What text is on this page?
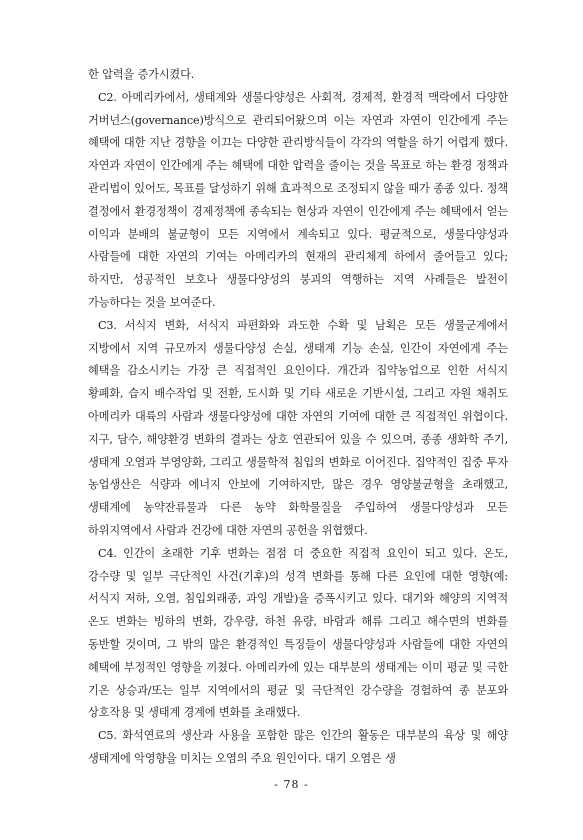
한 압력을 증가시켰다.

C2. 아메리카에서, 생태계와 생물다양성은 사회적, 경제적, 환경적 맥락에서 다양한 거버넌스(governance)방식으로 관리되어왔으며 이는 자연과 자연이 인간에게 주는 혜택에 대한 지난 경향을 이끄는 다양한 관리방식들이 각각의 역할을 하기 어렵게 했다. 자연과 자연이 인간에게 주는 혜택에 대한 압력을 줄이는 것을 목표로 하는 환경 정책과 관리법이 있어도, 목표를 달성하기 위해 효과적으로 조정되지 않을 때가 종종 있다. 정책 결정에서 환경정책이 경제정책에 종속되는 현상과 자연이 인간에게 주는 혜택에서 얻는 이익과 분배의 불균형이 모든 지역에서 계속되고 있다. 평균적으로, 생물다양성과 사람들에 대한 자연의 기여는 아메리카의 현재의 관리체계 하에서 줄어들고 있다; 하지만, 성공적인 보호나 생물다양성의 붕괴의 역행하는 지역 사례들은 발전이 가능하다는 것을 보여준다.

C3. 서식지 변화, 서식지 파편화와 과도한 수확 및 남획은 모든 생물군계에서 지방에서 지역 규모까지 생물다양성 손실, 생태계 기능 손실, 인간이 자연에게 주는 혜택을 감소시키는 가장 큰 직접적인 요인이다. 개간과 집약농업으로 인한 서식지 황폐화, 습지 배수작업 및 전환, 도시화 및 기타 새로운 기반시설, 그리고 자원 채취도 아메리카 대륙의 사람과 생물다양성에 대한 자연의 기여에 대한 큰 직접적인 위협이다. 지구, 담수, 해양환경 변화의 결과는 상호 연관되어 있을 수 있으며, 종종 생화학 주기, 생태계 오염과 부영양화, 그리고 생물학적 침입의 변화로 이어진다. 집약적인 집중 투자 농업생산은 식량과 에너지 안보에 기여하지만, 많은 경우 영양불균형을 초래했고, 생태계에 농약잔류물과 다른 농약 화학물질을 주입하여 생물다양성과 모든 하위지역에서 사람과 건강에 대한 자연의 공헌을 위협했다.

C4. 인간이 초래한 기후 변화는 점점 더 중요한 직접적 요인이 되고 있다. 온도, 강수량 및 일부 극단적인 사건(기후)의 성격 변화를 통해 다른 요인에 대한 영향(예: 서식지 저하, 오염, 침입외래종, 과잉 개발)을 증폭시키고 있다. 대기와 해양의 지역적 온도 변화는 빙하의 변화, 강우량, 하천 유량, 바람과 해류 그리고 해수면의 변화를 동반할 것이며, 그 밖의 많은 환경적인 특징들이 생물다양성과 사람들에 대한 자연의 혜택에 부정적인 영향을 끼쳤다. 아메리카에 있는 대부분의 생태계는 이미 평균 및 극한 기온 상승과/또는 일부 지역에서의 평균 및 극단적인 강수량을 경험하여 종 분포와 상호작용 및 생태계 경계에 변화를 초래했다.

C5. 화석연료의 생산과 사용을 포함한 많은 인간의 활동은 대부분의 육상 및 해양 생태계에 악영향을 미치는 오염의 주요 원인이다. 대기 오염은 생

- 78 -
